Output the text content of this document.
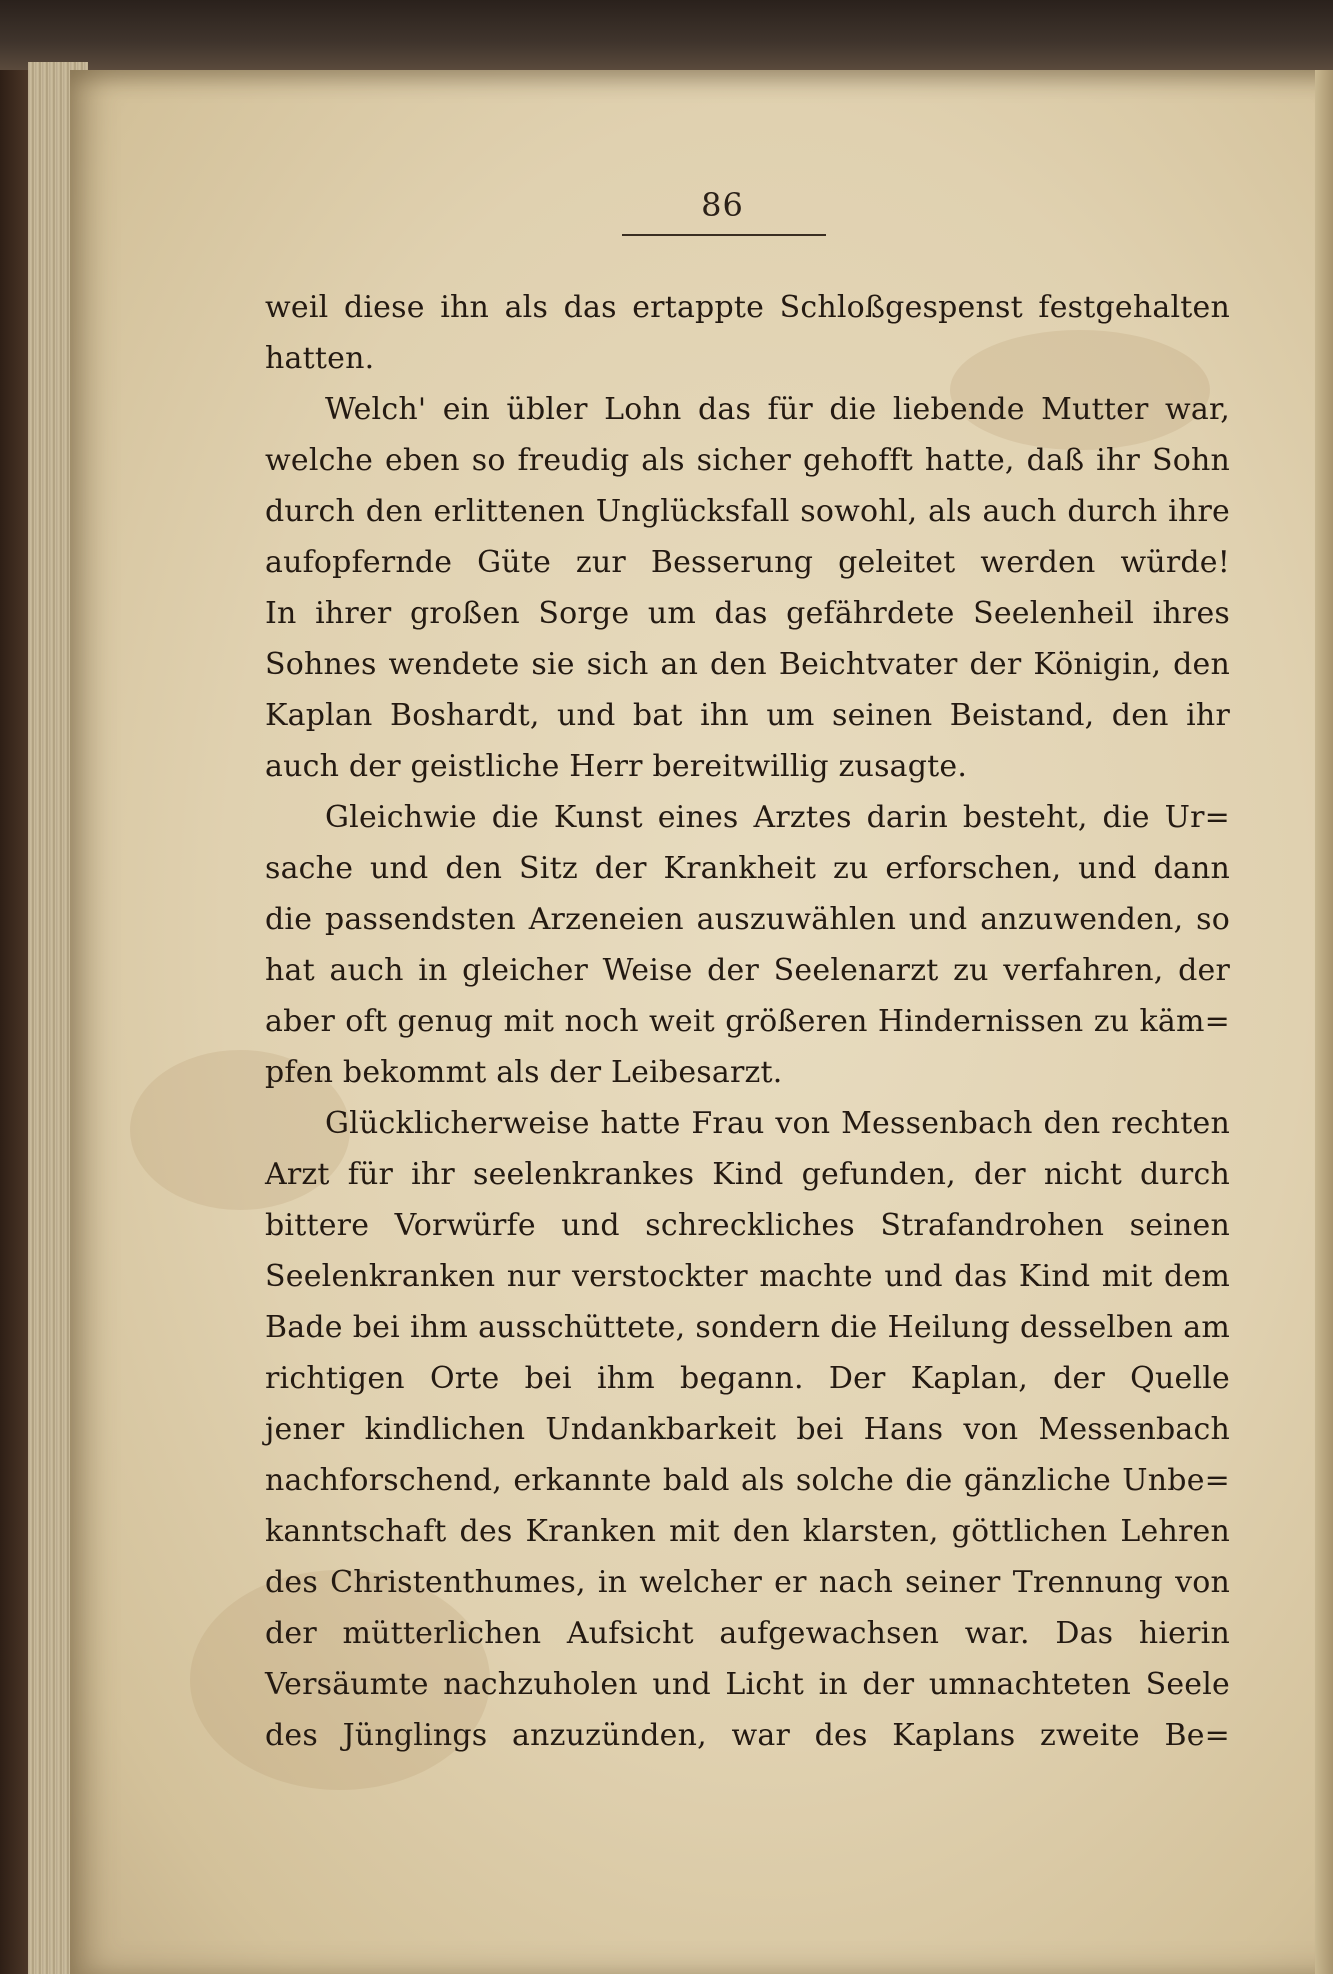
86
weil diese ihn als das ertappte Schloßgespenst festgehalten
hatten.
Welch' ein übler Lohn das für die liebende Mutter war,
welche eben so freudig als sicher gehofft hatte, daß ihr Sohn
durch den erlittenen Unglücksfall sowohl, als auch durch ihre
aufopfernde Güte zur Besserung geleitet werden würde!
In ihrer großen Sorge um das gefährdete Seelenheil ihres
Sohnes wendete sie sich an den Beichtvater der Königin, den
Kaplan Boshardt, und bat ihn um seinen Beistand, den ihr
auch der geistliche Herr bereitwillig zusagte.
Gleichwie die Kunst eines Arztes darin besteht, die Ur=
sache und den Sitz der Krankheit zu erforschen, und dann
die passendsten Arzeneien auszuwählen und anzuwenden, so
hat auch in gleicher Weise der Seelenarzt zu verfahren, der
aber oft genug mit noch weit größeren Hindernissen zu käm=
pfen bekommt als der Leibesarzt.
Glücklicherweise hatte Frau von Messenbach den rechten
Arzt für ihr seelenkrankes Kind gefunden, der nicht durch
bittere Vorwürfe und schreckliches Strafandrohen seinen
Seelenkranken nur verstockter machte und das Kind mit dem
Bade bei ihm ausschüttete, sondern die Heilung desselben am
richtigen Orte bei ihm begann. Der Kaplan, der Quelle
jener kindlichen Undankbarkeit bei Hans von Messenbach
nachforschend, erkannte bald als solche die gänzliche Unbe=
kanntschaft des Kranken mit den klarsten, göttlichen Lehren
des Christenthumes, in welcher er nach seiner Trennung von
der mütterlichen Aufsicht aufgewachsen war. Das hierin
Versäumte nachzuholen und Licht in der umnachteten Seele
des Jünglings anzuzünden, war des Kaplans zweite Be=
